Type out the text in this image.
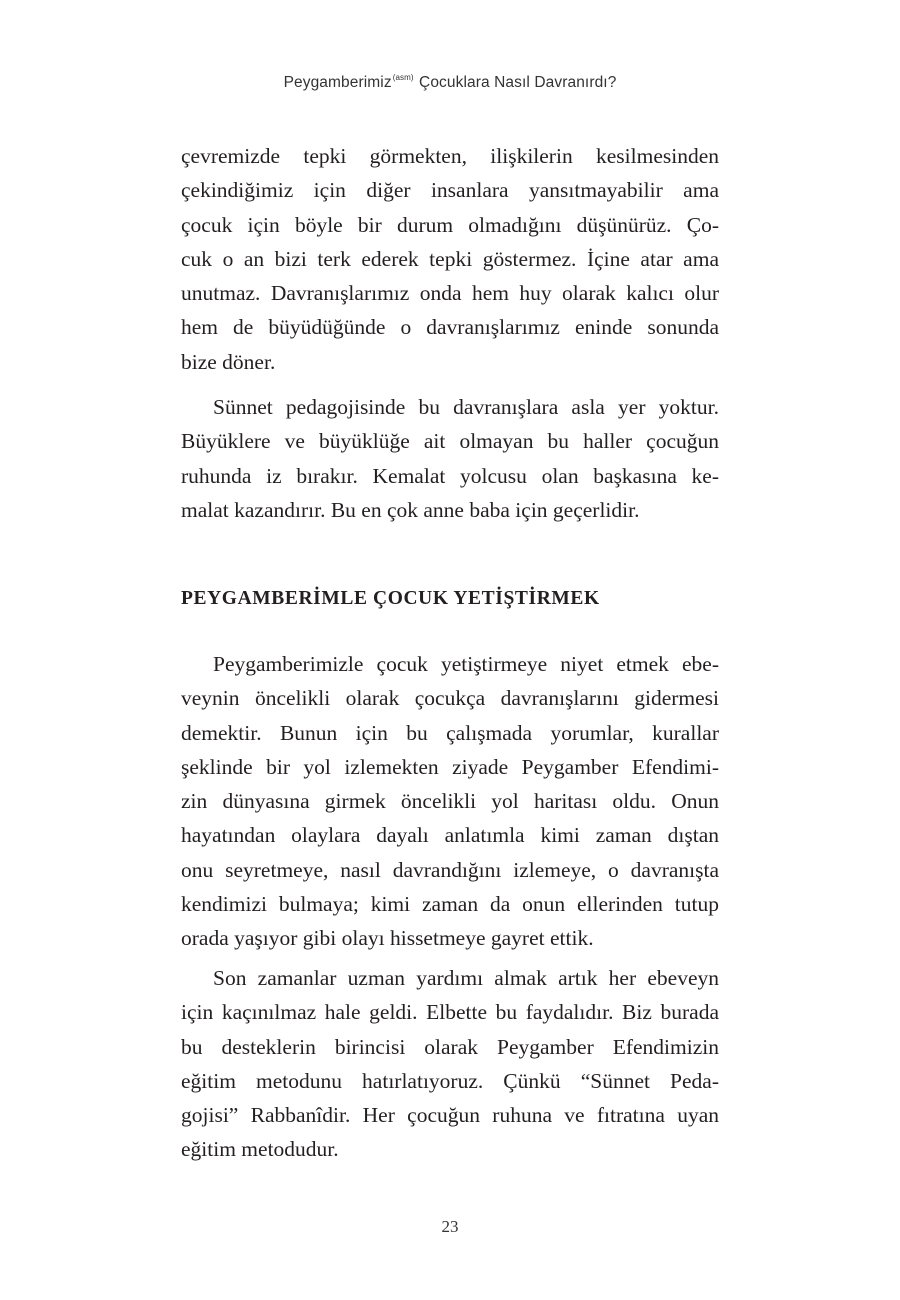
Peygamberimiz$^{(asm)}$ Çocuklara Nasıl Davranırdı?
çevremizde tepki görmekten, ilişkilerin kesilmesinden
çekindiğimiz için diğer insanlara yansıtmayabilir ama
çocuk için böyle bir durum olmadığını düşünürüz. Ço-
cuk o an bizi terk ederek tepki göstermez. İçine atar ama
unutmaz. Davranışlarımız onda hem huy olarak kalıcı olur
hem de büyüdüğünde o davranışlarımız eninde sonunda
bize döner.
Sünnet pedagojisinde bu davranışlara asla yer yoktur.
Büyüklere ve büyüklüğe ait olmayan bu haller çocuğun
ruhunda iz bırakır. Kemalat yolcusu olan başkasına ke-
malat kazandırır. Bu en çok anne baba için geçerlidir.
PEYGAMBERİMLE ÇOCUK YETİŞTİRMEK
Peygamberimizle çocuk yetiştirmeye niyet etmek ebe-
veynin öncelikli olarak çocukça davranışlarını gidermesi
demektir. Bunun için bu çalışmada yorumlar, kurallar
şeklinde bir yol izlemekten ziyade Peygamber Efendimi-
zin dünyasına girmek öncelikli yol haritası oldu. Onun
hayatından olaylara dayalı anlatımla kimi zaman dıştan
onu seyretmeye, nasıl davrandığını izlemeye, o davranışta
kendimizi bulmaya; kimi zaman da onun ellerinden tutup
orada yaşıyor gibi olayı hissetmeye gayret ettik.
Son zamanlar uzman yardımı almak artık her ebeveyn
için kaçınılmaz hale geldi. Elbette bu faydalıdır. Biz burada
bu desteklerin birincisi olarak Peygamber Efendimizin
eğitim metodunu hatırlatıyoruz. Çünkü “Sünnet Peda-
gojisi” Rabbanîdir. Her çocuğun ruhuna ve fıtratına uyan
eğitim metodudur.
23
